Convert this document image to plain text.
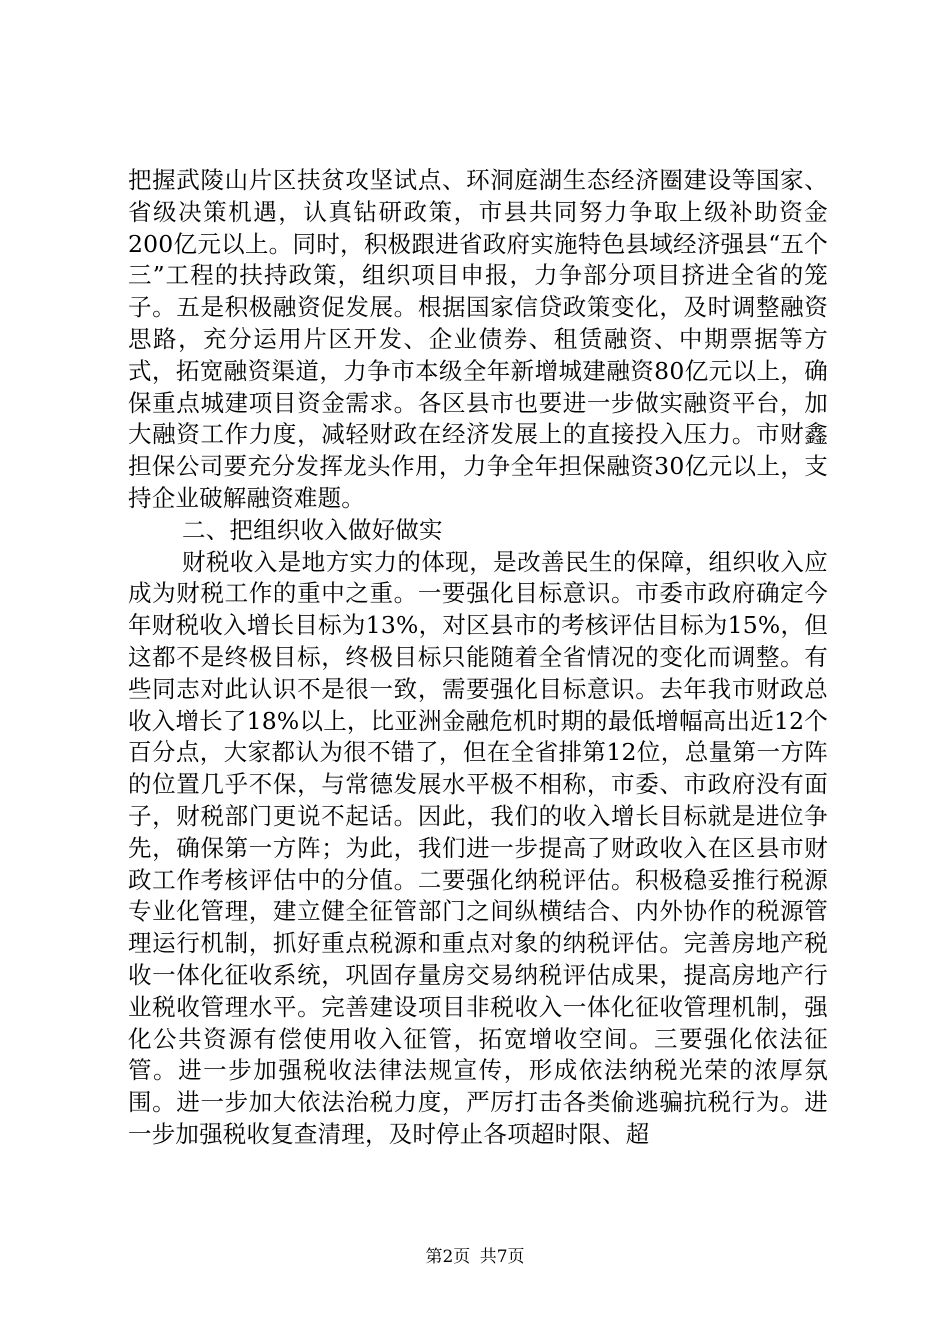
把握武陵山片区扶贫攻坚试点、环洞庭湖生态经济圈建设等国家、省级决策机遇，认真钻研政策，市县共同努力争取上级补助资金200亿元以上。同时，积极跟进省政府实施特色县域经济强县“五个三”工程的扶持政策，组织项目申报，力争部分项目挤进全省的笼子。五是积极融资促发展。根据国家信贷政策变化，及时调整融资思路，充分运用片区开发、企业债券、租赁融资、中期票据等方式，拓宽融资渠道，力争市本级全年新增城建融资80亿元以上，确保重点城建项目资金需求。各区县市也要进一步做实融资平台，加大融资工作力度，减轻财政在经济发展上的直接投入压力。市财鑫担保公司要充分发挥龙头作用，力争全年担保融资30亿元以上，支持企业破解融资难题。

二、把组织收入做好做实

财税收入是地方实力的体现，是改善民生的保障，组织收入应成为财税工作的重中之重。一要强化目标意识。市委市政府确定今年财税收入增长目标为13%，对区县市的考核评估目标为15%，但这都不是终极目标，终极目标只能随着全省情况的变化而调整。有些同志对此认识不是很一致，需要强化目标意识。去年我市财政总收入增长了18%以上，比亚洲金融危机时期的最低增幅高出近12个百分点，大家都认为很不错了，但在全省排第12位，总量第一方阵的位置几乎不保，与常德发展水平极不相称，市委、市政府没有面子，财税部门更说不起话。因此，我们的收入增长目标就是进位争先，确保第一方阵；为此，我们进一步提高了财政收入在区县市财政工作考核评估中的分值。二要强化纳税评估。积极稳妥推行税源专业化管理，建立健全征管部门之间纵横结合、内外协作的税源管理运行机制，抓好重点税源和重点对象的纳税评估。完善房地产税收一体化征收系统，巩固存量房交易纳税评估成果，提高房地产行业税收管理水平。完善建设项目非税收入一体化征收管理机制，强化公共资源有偿使用收入征管，拓宽增收空间。三要强化依法征管。进一步加强税收法律法规宣传，形成依法纳税光荣的浓厚氛围。进一步加大依法治税力度，严厉打击各类偷逃骗抗税行为。进一步加强税收复查清理，及时停止各项超时限、超

第2页 共7页
